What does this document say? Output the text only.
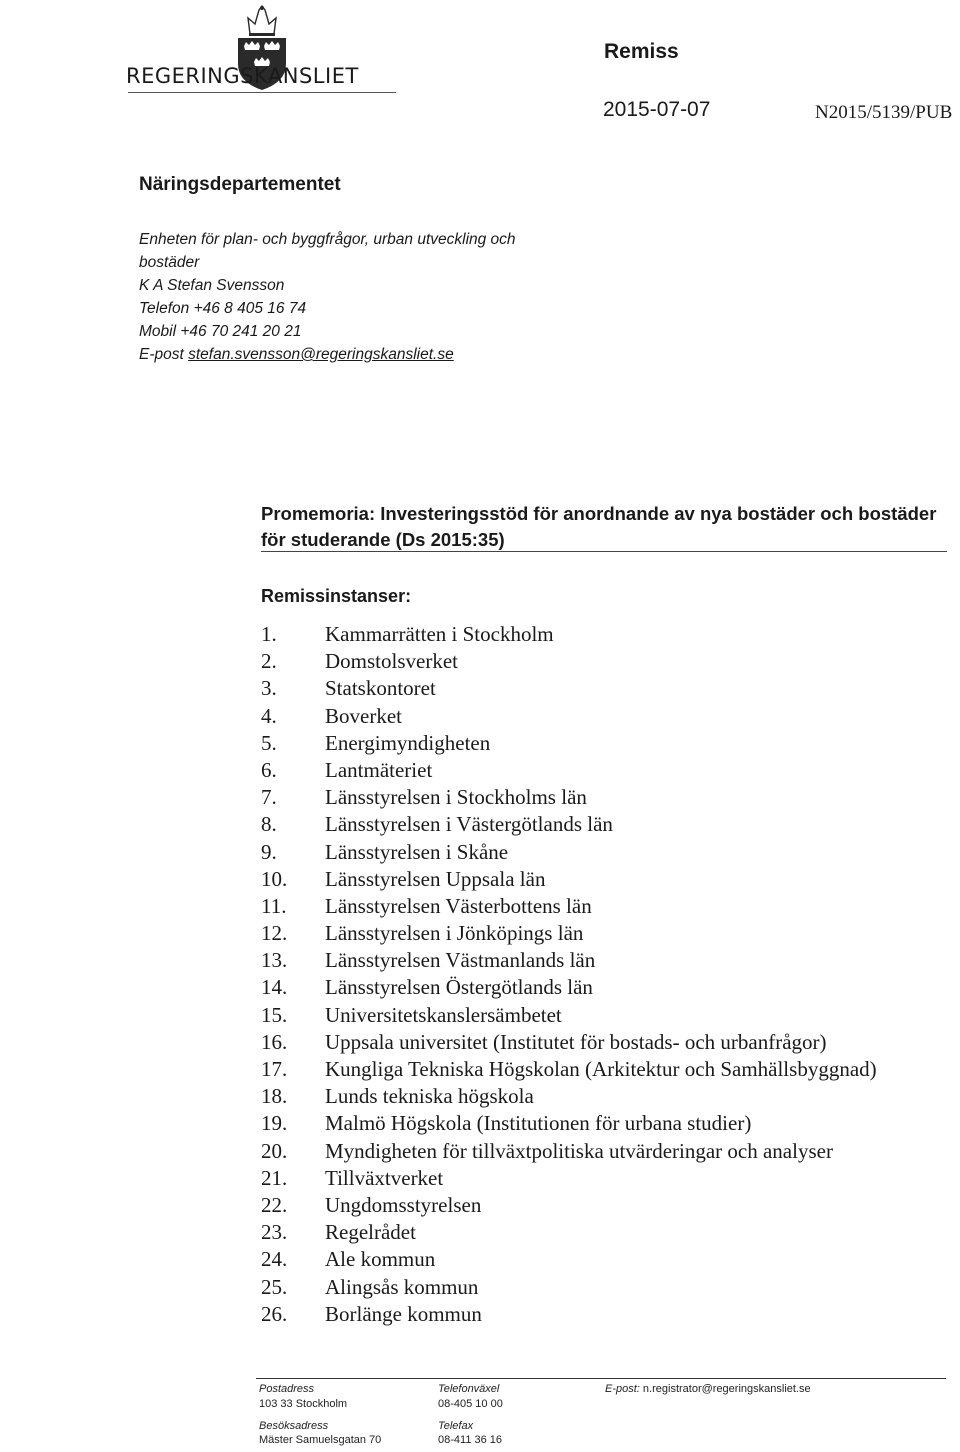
REGERINGSKANSLIET
Remiss
2015-07-07	N2015/5139/PUB
Näringsdepartementet
Enheten för plan- och byggfrågor, urban utveckling och
bostäder
K A Stefan Svensson
Telefon +46 8 405 16 74
Mobil +46 70 241 20 21
E-post stefan.svensson@regeringskansliet.se
Promemoria: Investeringsstöd för anordnande av nya bostäder och bostäder för studerande (Ds 2015:35)
Remissinstanser:
1. Kammarrätten i Stockholm
2. Domstolsverket
3. Statskontoret
4. Boverket
5. Energimyndigheten
6. Lantmäteriet
7. Länsstyrelsen i Stockholms län
8. Länsstyrelsen i Västergötlands län
9. Länsstyrelsen i Skåne
10. Länsstyrelsen Uppsala län
11. Länsstyrelsen Västerbottens län
12. Länsstyrelsen i Jönköpings län
13. Länsstyrelsen Västmanlands län
14. Länsstyrelsen Östergötlands län
15. Universitetskanslersämbetet
16. Uppsala universitet (Institutet för bostads- och urbanfrågor)
17. Kungliga Tekniska Högskolan (Arkitektur och Samhällsbyggnad)
18. Lunds tekniska högskola
19. Malmö Högskola (Institutionen för urbana studier)
20. Myndigheten för tillväxtpolitiska utvärderingar och analyser
21. Tillväxtverket
22. Ungdomsstyrelsen
23. Regelrådet
24. Ale kommun
25. Alingsås kommun
26. Borlänge kommun
Postadress
103 33 Stockholm
Besöksadress
Mäster Samuelsgatan 70
Telefonväxel
08-405 10 00
Telefax
08-411 36 16
E-post: n.registrator@regeringskansliet.se
